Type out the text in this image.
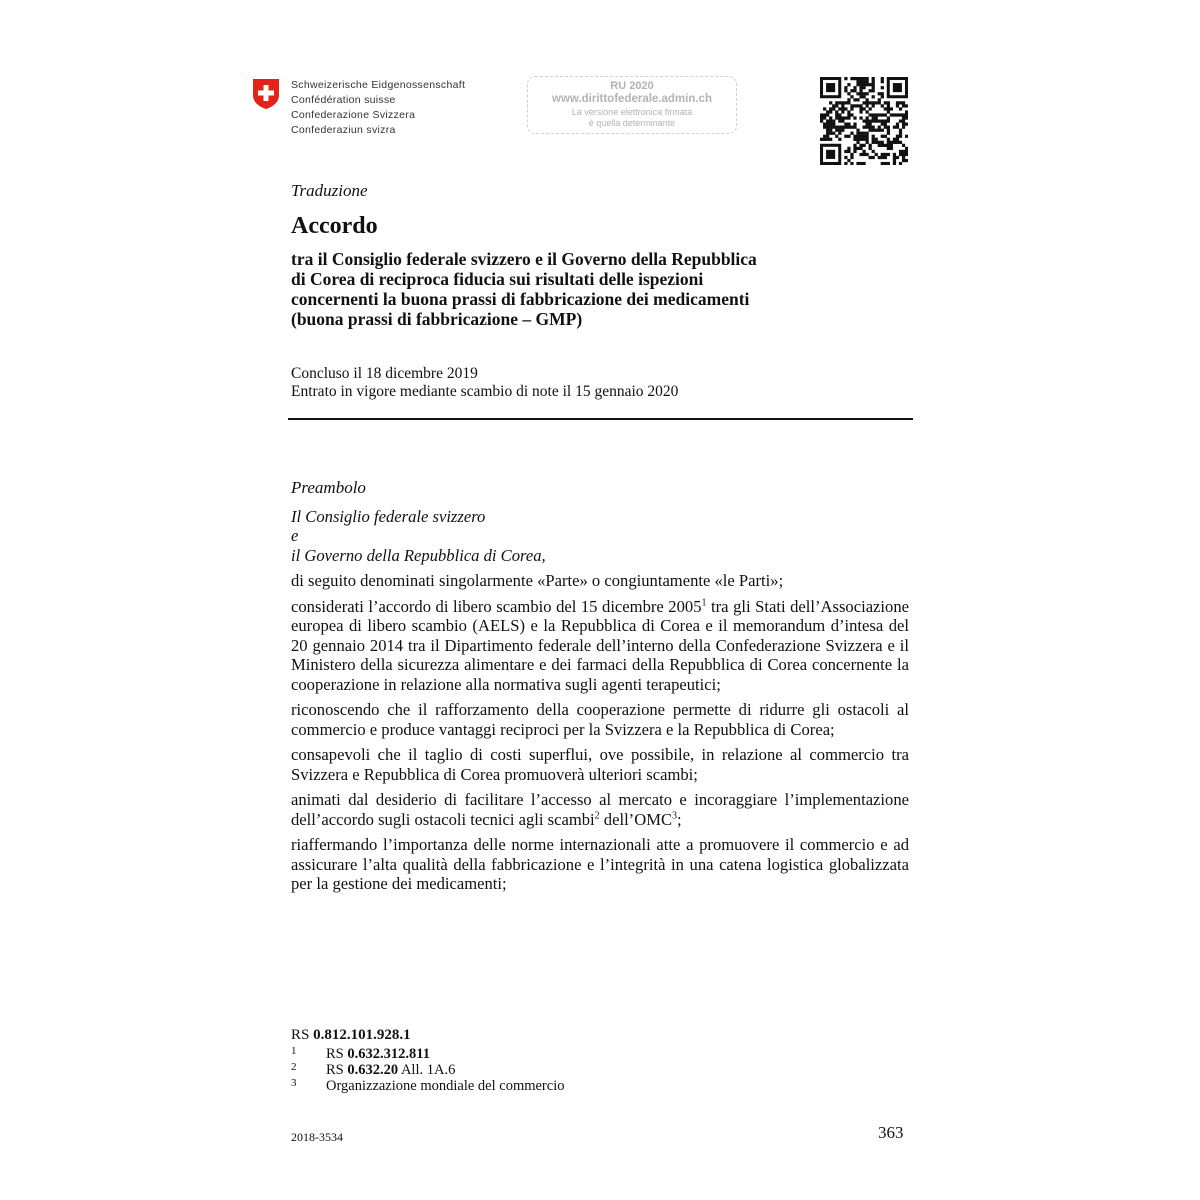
Schweizerische Eidgenossenschaft
Confédération suisse
Confederazione Svizzera
Confederaziun svizra
RU 2020
www.dirittofederale.admin.ch
La versione elettronica firmata
è quella determinante
Traduzione
Accordo
tra il Consiglio federale svizzero e il Governo della Repubblica
di Corea di reciproca fiducia sui risultati delle ispezioni
concernenti la buona prassi di fabbricazione dei medicamenti
(buona prassi di fabbricazione – GMP)
Concluso il 18 dicembre 2019
Entrato in vigore mediante scambio di note il 15 gennaio 2020
Preambolo
Il Consiglio federale svizzero
e
il Governo della Repubblica di Corea,
di seguito denominati singolarmente «Parte» o congiuntamente «le Parti»;
considerati l’accordo di libero scambio del 15 dicembre 2005$^1$ tra gli Stati dell’Associazione europea di libero scambio (AELS) e la Repubblica di Corea e il memorandum d’intesa del 20 gennaio 2014 tra il Dipartimento federale dell’interno della Confederazione Svizzera e il Ministero della sicurezza alimentare e dei farmaci della Repubblica di Corea concernente la cooperazione in relazione alla normativa sugli agenti terapeutici;
riconoscendo che il rafforzamento della cooperazione permette di ridurre gli ostacoli al commercio e produce vantaggi reciproci per la Svizzera e la Repubblica di Corea;
consapevoli che il taglio di costi superflui, ove possibile, in relazione al commercio tra Svizzera e Repubblica di Corea promuoverà ulteriori scambi;
animati dal desiderio di facilitare l’accesso al mercato e incoraggiare l’implementazione dell’accordo sugli ostacoli tecnici agli scambi$^2$ dell’OMC$^3$;
riaffermando l’importanza delle norme internazionali atte a promuovere il commercio e ad assicurare l’alta qualità della fabbricazione e l’integrità in una catena logistica globalizzata per la gestione dei medicamenti;
RS 0.812.101.928.1
1 RS 0.632.312.811
2 RS 0.632.20 All. 1A.6
3 Organizzazione mondiale del commercio
2018-3534	363
